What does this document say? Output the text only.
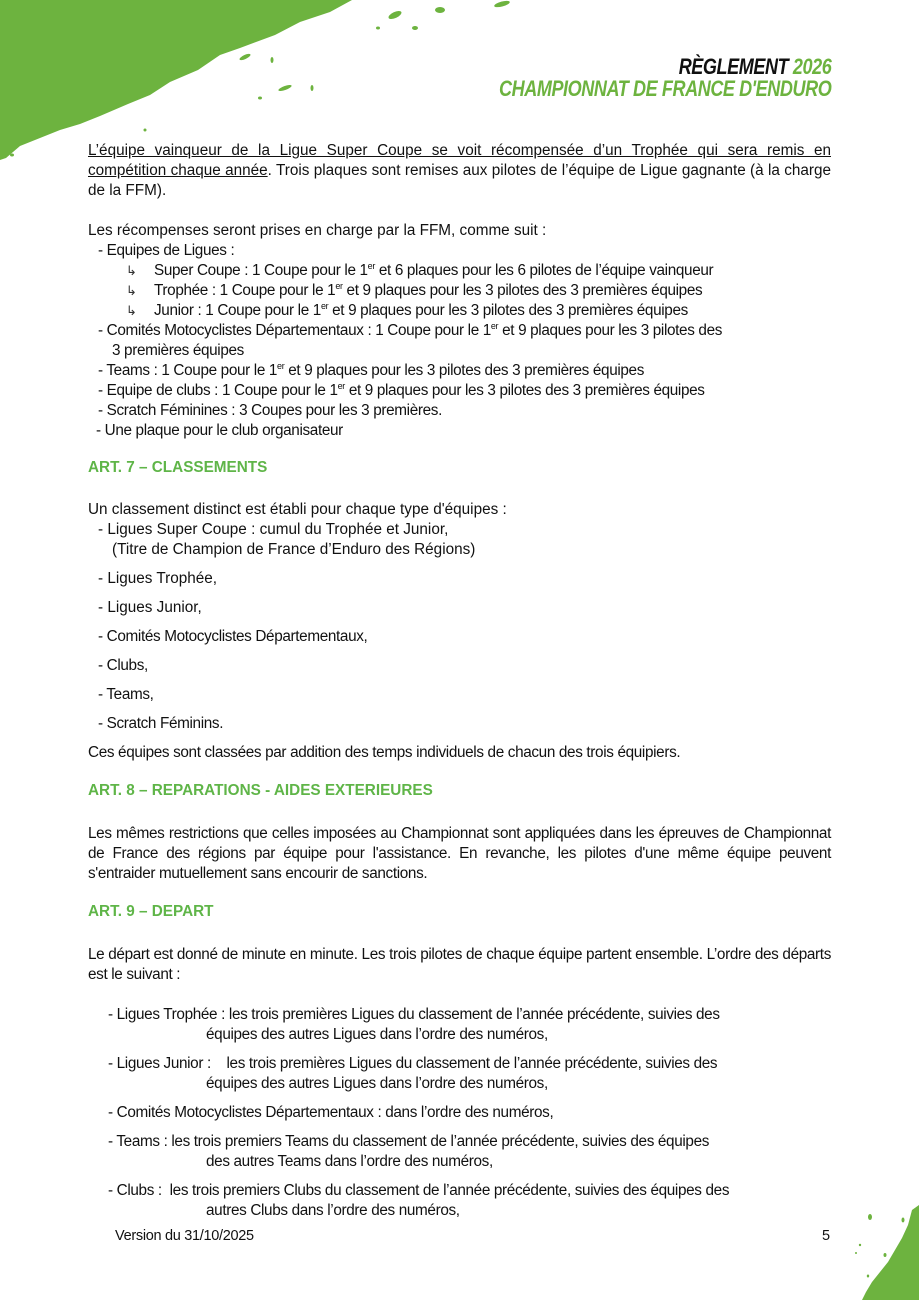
RÈGLEMENT 2026
CHAMPIONNAT DE FRANCE D'ENDURO

L’équipe vainqueur de la Ligue Super Coupe se voit récompensée d’un Trophée qui sera remis en compétition chaque année. Trois plaques sont remises aux pilotes de l’équipe de Ligue gagnante (à la charge de la FFM).

Les récompenses seront prises en charge par la FFM, comme suit :

- Equipes de Ligues :
↳	Super Coupe : 1 Coupe pour le 1er et 6 plaques pour les 6 pilotes de l’équipe vainqueur
↳	Trophée : 1 Coupe pour le 1er et 9 plaques pour les 3 pilotes des 3 premières équipes
↳	Junior : 1 Coupe pour le 1er et 9 plaques pour les 3 pilotes des 3 premières équipes
- Comités Motocyclistes Départementaux : 1 Coupe pour le 1er et 9 plaques pour les 3 pilotes des
3 premières équipes
- Teams : 1 Coupe pour le 1er et 9 plaques pour les 3 pilotes des 3 premières équipes
- Equipe de clubs : 1 Coupe pour le 1er et 9 plaques pour les 3 pilotes des 3 premières équipes
- Scratch Féminines : 3 Coupes pour les 3 premières.
- Une plaque pour le club organisateur

ART. 7 – CLASSEMENTS

Un classement distinct est établi pour chaque type d'équipes :

- Ligues Super Coupe : cumul du Trophée et Junior,
(Titre de Champion de France d’Enduro des Régions)
- Ligues Trophée,
- Ligues Junior,
- Comités Motocyclistes Départementaux,
- Clubs,
- Teams,
- Scratch Féminins.

Ces équipes sont classées par addition des temps individuels de chacun des trois équipiers.

ART. 8 – REPARATIONS - AIDES EXTERIEURES

Les mêmes restrictions que celles imposées au Championnat sont appliquées dans les épreuves de Championnat de France des régions par équipe pour l'assistance. En revanche, les pilotes d'une même équipe peuvent s'entraider mutuellement sans encourir de sanctions.

ART. 9 – DEPART

Le départ est donné de minute en minute. Les trois pilotes de chaque équipe partent ensemble. L’ordre des départs est le suivant :

- Ligues Trophée : les trois premières Ligues du classement de l’année précédente, suivies des
équipes des autres Ligues dans l’ordre des numéros,
- Ligues Junior : les trois premières Ligues du classement de l’année précédente, suivies des
équipes des autres Ligues dans l’ordre des numéros,
- Comités Motocyclistes Départementaux : dans l’ordre des numéros,
- Teams : les trois premiers Teams du classement de l’année précédente, suivies des équipes
des autres Teams dans l’ordre des numéros,
- Clubs : les trois premiers Clubs du classement de l’année précédente, suivies des équipes des
autres Clubs dans l’ordre des numéros,
Version du 31/10/2025	5
